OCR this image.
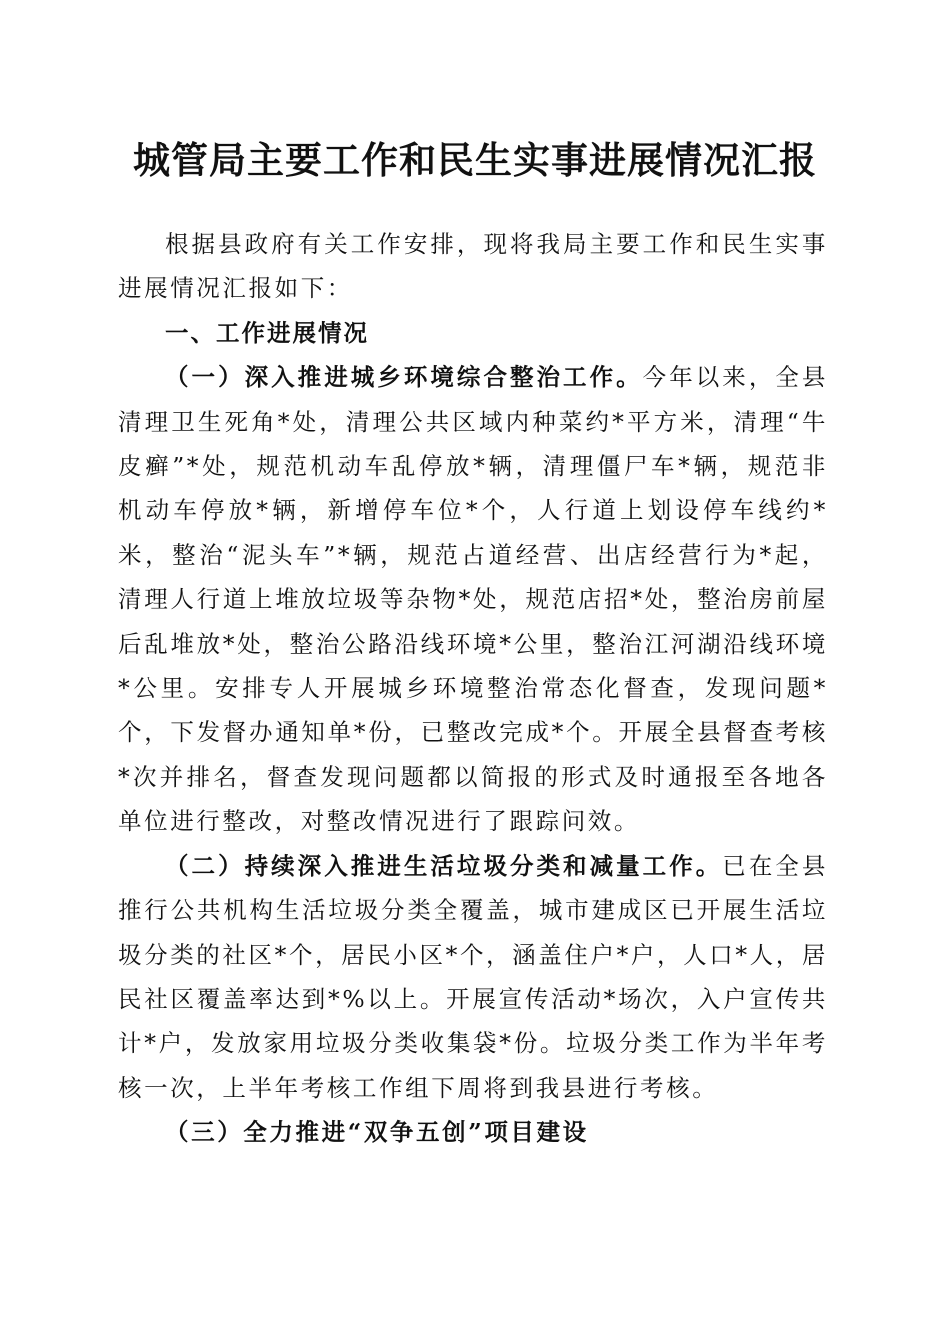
城管局主要工作和民生实事进展情况汇报

根据县政府有关工作安排，现将我局主要工作和民生实事进展情况汇报如下：

一、工作进展情况

（一）深入推进城乡环境综合整治工作。今年以来，全县清理卫生死角*处，清理公共区域内种菜约*平方米，清理“牛皮癣”*处，规范机动车乱停放*辆，清理僵尸车*辆，规范非机动车停放*辆，新增停车位*个，人行道上划设停车线约*米，整治“泥头车”*辆，规范占道经营、出店经营行为*起，清理人行道上堆放垃圾等杂物*处，规范店招*处，整治房前屋后乱堆放*处，整治公路沿线环境*公里，整治江河湖沿线环境*公里。安排专人开展城乡环境整治常态化督查，发现问题*个，下发督办通知单*份，已整改完成*个。开展全县督查考核*次并排名，督查发现问题都以简报的形式及时通报至各地各单位进行整改，对整改情况进行了跟踪问效。

（二）持续深入推进生活垃圾分类和减量工作。已在全县推行公共机构生活垃圾分类全覆盖，城市建成区已开展生活垃圾分类的社区*个，居民小区*个，涵盖住户*户，人口*人，居民社区覆盖率达到*%以上。开展宣传活动*场次，入户宣传共计*户，发放家用垃圾分类收集袋*份。垃圾分类工作为半年考核一次，上半年考核工作组下周将到我县进行考核。

（三）全力推进“双争五创”项目建设
